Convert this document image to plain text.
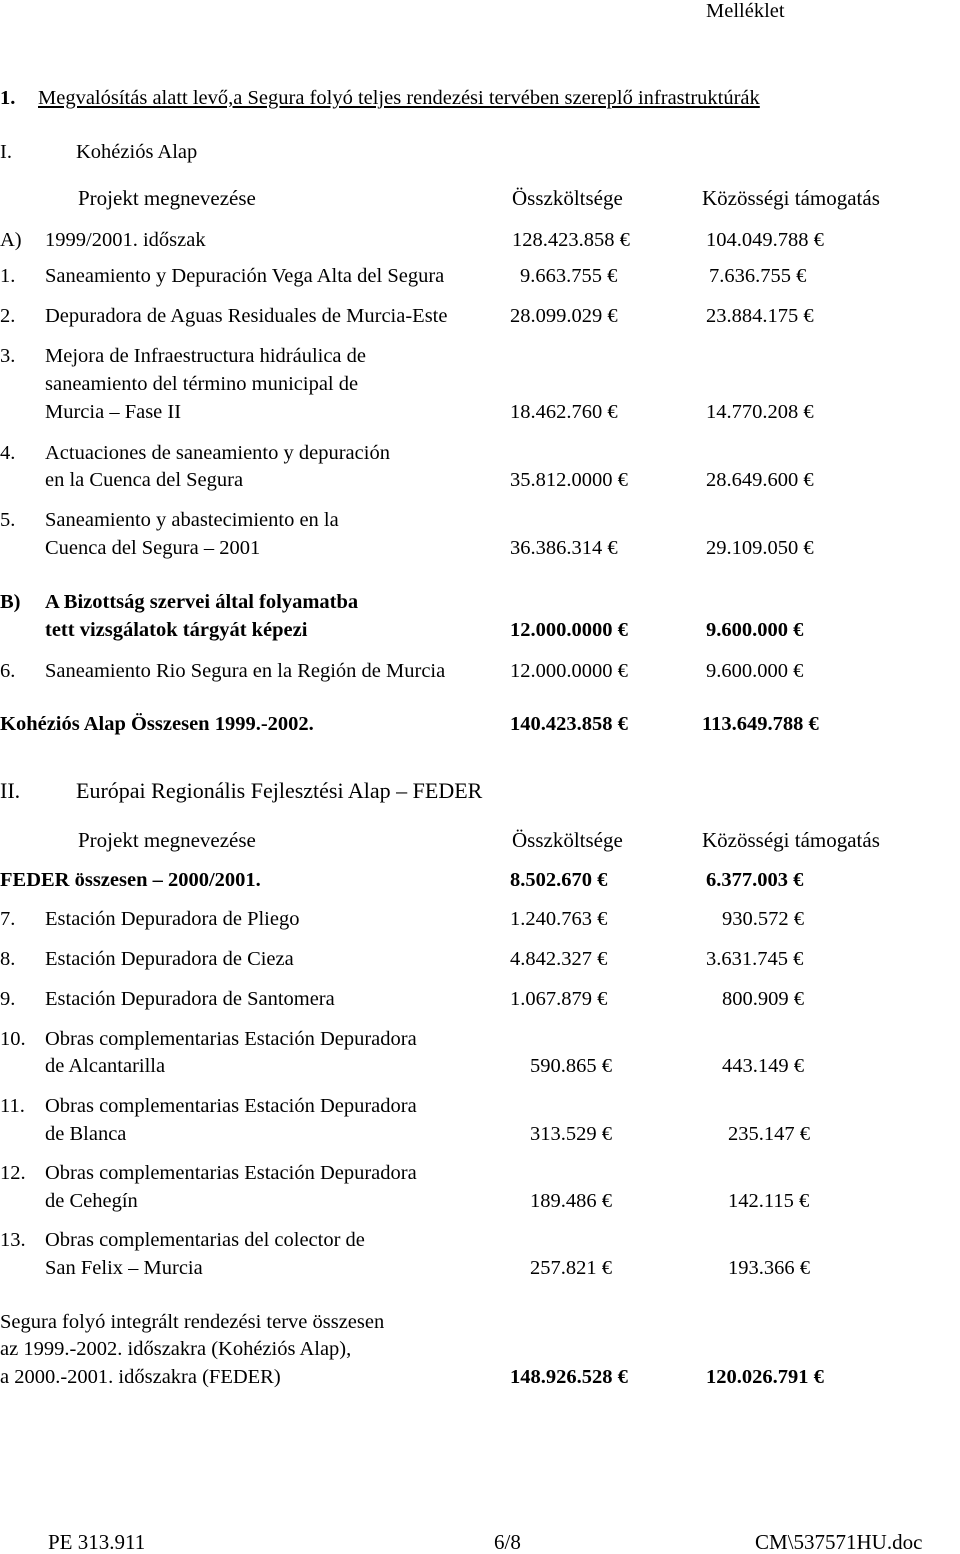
Melléklet
1. Megvalósítás alatt levő,a Segura folyó teljes rendezési tervében szereplő infrastruktúrák
I.	Kohéziós Alap
Projekt megnevezése	Összköltsége	Közösségi támogatás
A) 1999/2001. időszak	128.423.858 €	104.049.788 €
1. Saneamiento y Depuración Vega Alta del Segura	9.663.755 €	7.636.755 €
2. Depuradora de Aguas Residuales de Murcia-Este	28.099.029 €	23.884.175 €
3. Mejora de Infraestructura hidráulica de
saneamiento del término municipal de
Murcia – Fase II	18.462.760 €	14.770.208 €
4. Actuaciones de saneamiento y depuración
en la Cuenca del Segura	35.812.0000 €	28.649.600 €
5. Saneamiento y abastecimiento en la
Cuenca del Segura – 2001	36.386.314 €	29.109.050 €
B) A Bizottság szervei által folyamatba
tett vizsgálatok tárgyát képezi	12.000.0000 €	9.600.000 €
6. Saneamiento Rio Segura en la Región de Murcia	12.000.0000 €	9.600.000 €
Kohéziós Alap Összesen 1999.-2002.	140.423.858 €	113.649.788 €
II.	Európai Regionális Fejlesztési Alap – FEDER
Projekt megnevezése	Összköltsége	Közösségi támogatás
FEDER összesen – 2000/2001.	8.502.670 €	6.377.003 €
7. Estación Depuradora de Pliego	1.240.763 €	930.572 €
8. Estación Depuradora de Cieza	4.842.327 €	3.631.745 €
9. Estación Depuradora de Santomera	1.067.879 €	800.909 €
10. Obras complementarias Estación Depuradora
de Alcantarilla	590.865 €	443.149 €
11. Obras complementarias Estación Depuradora
de Blanca	313.529 €	235.147 €
12. Obras complementarias Estación Depuradora
de Cehegín	189.486 €	142.115 €
13. Obras complementarias del colector de
San Felix – Murcia	257.821 €	193.366 €
Segura folyó integrált rendezési terve összesen
az 1999.-2002. időszakra (Kohéziós Alap),
a 2000.-2001. időszakra (FEDER)	148.926.528 €	120.026.791 €
PE 313.911	6/8	CM\537571HU.doc
